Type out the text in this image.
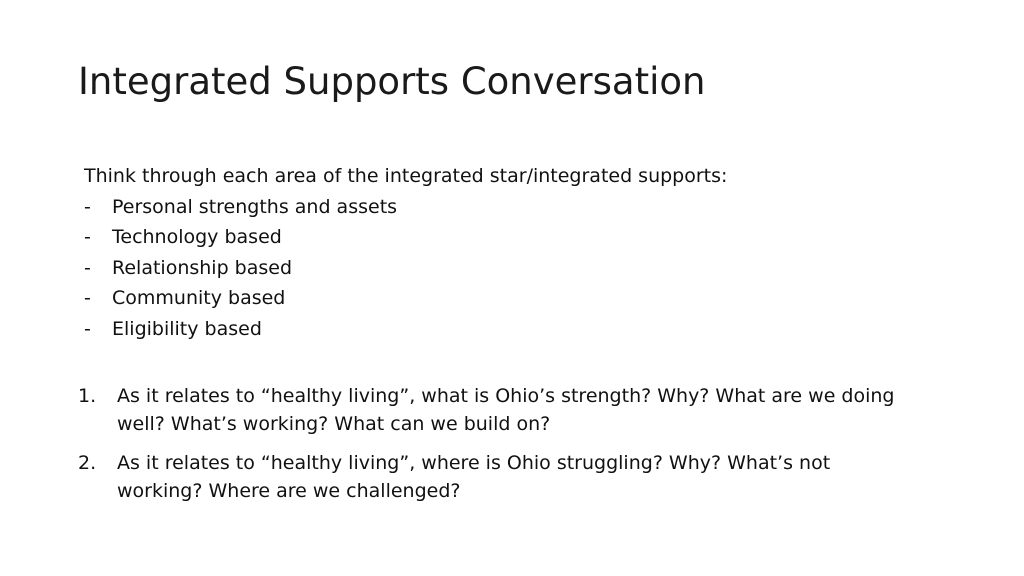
Integrated Supports Conversation
Think through each area of the integrated star/integrated supports:
- Personal strengths and assets
- Technology based
- Relationship based
- Community based
- Eligibility based
1. As it relates to “healthy living”, what is Ohio’s strength? Why? What are we doing well? What’s working? What can we build on?
2. As it relates to “healthy living”, where is Ohio struggling? Why? What’s not working? Where are we challenged?
